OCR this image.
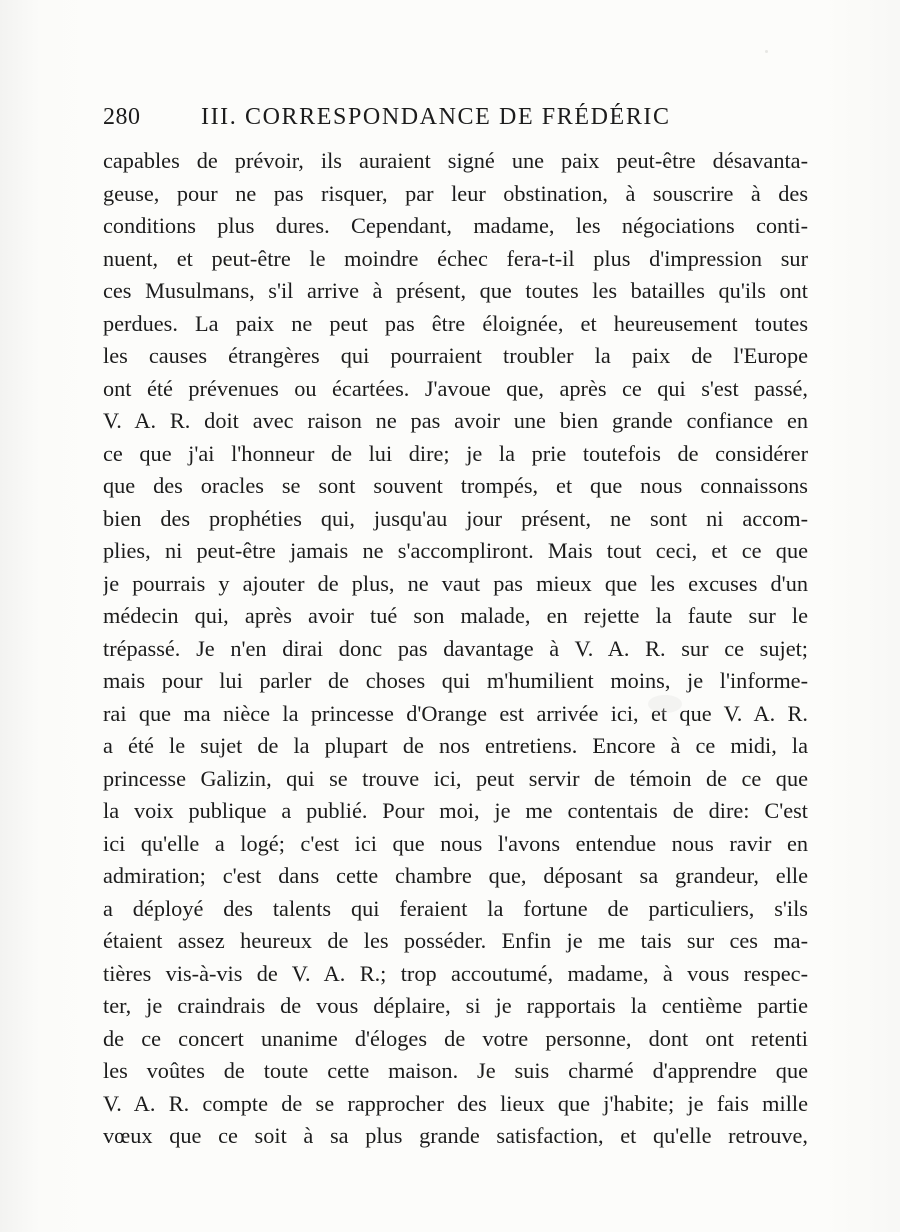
280	III. CORRESPONDANCE DE FRÉDÉRIC
capables de prévoir, ils auraient signé une paix peut-être désavanta-
geuse, pour ne pas risquer, par leur obstination, à souscrire à des
conditions plus dures. Cependant, madame, les négociations conti-
nuent, et peut-être le moindre échec fera-t-il plus d'impression sur
ces Musulmans, s'il arrive à présent, que toutes les batailles qu'ils ont
perdues. La paix ne peut pas être éloignée, et heureusement toutes
les causes étrangères qui pourraient troubler la paix de l'Europe
ont été prévenues ou écartées. J'avoue que, après ce qui s'est passé,
V. A. R. doit avec raison ne pas avoir une bien grande confiance en
ce que j'ai l'honneur de lui dire; je la prie toutefois de considérer
que des oracles se sont souvent trompés, et que nous connaissons
bien des prophéties qui, jusqu'au jour présent, ne sont ni accom-
plies, ni peut-être jamais ne s'accompliront. Mais tout ceci, et ce que
je pourrais y ajouter de plus, ne vaut pas mieux que les excuses d'un
médecin qui, après avoir tué son malade, en rejette la faute sur le
trépassé. Je n'en dirai donc pas davantage à V. A. R. sur ce sujet;
mais pour lui parler de choses qui m'humilient moins, je l'informe-
rai que ma nièce la princesse d'Orange est arrivée ici, et que V. A. R.
a été le sujet de la plupart de nos entretiens. Encore à ce midi, la
princesse Galizin, qui se trouve ici, peut servir de témoin de ce que
la voix publique a publié. Pour moi, je me contentais de dire: C'est
ici qu'elle a logé; c'est ici que nous l'avons entendue nous ravir en
admiration; c'est dans cette chambre que, déposant sa grandeur, elle
a déployé des talents qui feraient la fortune de particuliers, s'ils
étaient assez heureux de les posséder. Enfin je me tais sur ces ma-
tières vis-à-vis de V. A. R.; trop accoutumé, madame, à vous respec-
ter, je craindrais de vous déplaire, si je rapportais la centième partie
de ce concert unanime d'éloges de votre personne, dont ont retenti
les voûtes de toute cette maison. Je suis charmé d'apprendre que
V. A. R. compte de se rapprocher des lieux que j'habite; je fais mille
vœux que ce soit à sa plus grande satisfaction, et qu'elle retrouve,
